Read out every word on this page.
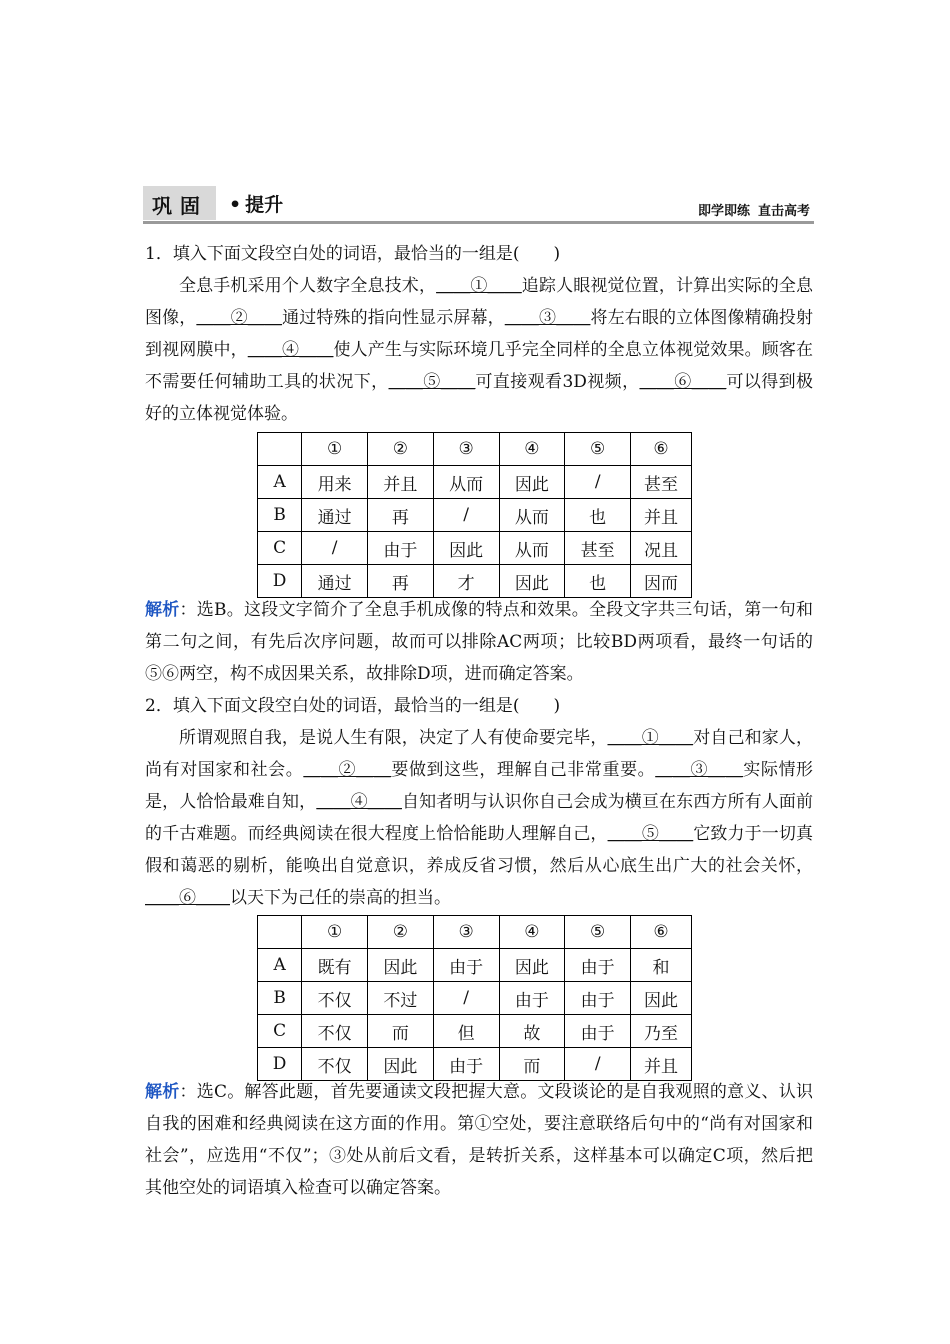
巩固 • 提升	即学即练 直击高考
1．填入下面文段空白处的词语，最恰当的一组是(　　)
全息手机采用个人数字全息技术，＿＿①＿＿追踪人眼视觉位置，计算出实际的全息图像，＿＿②＿＿通过特殊的指向性显示屏幕，＿＿③＿＿将左右眼的立体图像精确投射到视网膜中，＿＿④＿＿使人产生与实际环境几乎完全同样的全息立体视觉效果。顾客在不需要任何辅助工具的状况下，＿＿⑤＿＿可直接观看3D视频，＿＿⑥＿＿可以得到极好的立体视觉体验。
	①	②	③	④	⑤	⑥
A	用来	并且	从而	因此	/	甚至
B	通过	再	/	从而	也	并且
C	/	由于	因此	从而	甚至	况且
D	通过	再	才	因此	也	因而
解析：选B。这段文字简介了全息手机成像的特点和效果。全段文字共三句话，第一句和第二句之间，有先后次序问题，故而可以排除AC两项；比较BD两项看，最终一句话的⑤⑥两空，构不成因果关系，故排除D项，进而确定答案。
2．填入下面文段空白处的词语，最恰当的一组是(　　)
所谓观照自我，是说人生有限，决定了人有使命要完毕，＿＿①＿＿对自己和家人，尚有对国家和社会。＿＿②＿＿要做到这些，理解自己非常重要。＿＿③＿＿实际情形是，人恰恰最难自知，＿＿④＿＿自知者明与认识你自己会成为横亘在东西方所有人面前的千古难题。而经典阅读在很大程度上恰恰能助人理解自己，＿＿⑤＿＿它致力于一切真假和蔼恶的剔析，能唤出自觉意识，养成反省习惯，然后从心底生出广大的社会关怀，＿＿⑥＿＿以天下为己任的崇高的担当。
	①	②	③	④	⑤	⑥
A	既有	因此	由于	因此	由于	和
B	不仅	不过	/	由于	由于	因此
C	不仅	而	但	故	由于	乃至
D	不仅	因此	由于	而	/	并且
解析：选C。解答此题，首先要通读文段把握大意。文段谈论的是自我观照的意义、认识自我的困难和经典阅读在这方面的作用。第①空处，要注意联络后句中的“尚有对国家和社会”，应选用“不仅”；③处从前后文看，是转折关系，这样基本可以确定C项，然后把其他空处的词语填入检查可以确定答案。
